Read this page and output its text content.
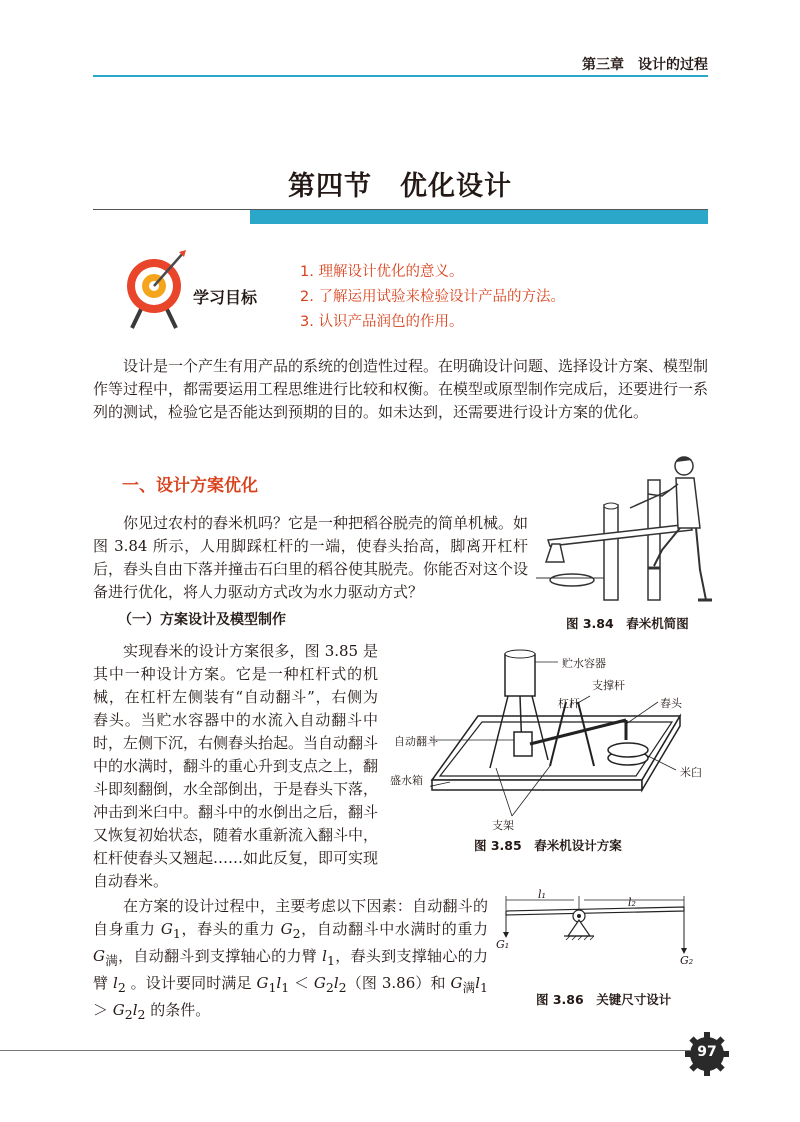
第三章　设计的过程
第四节　优化设计
学习目标
1. 理解设计优化的意义。
2. 了解运用试验来检验设计产品的方法。
3. 认识产品润色的作用。
设计是一个产生有用产品的系统的创造性过程。在明确设计问题、选择设计方案、模型制作等过程中，都需要运用工程思维进行比较和权衡。在模型或原型制作完成后，还要进行一系列的测试，检验它是否能达到预期的目的。如未达到，还需要进行设计方案的优化。
一、设计方案优化
你见过农村的舂米机吗？它是一种把稻谷脱壳的简单机械。如图 3.84 所示，人用脚踩杠杆的一端，使舂头抬高，脚离开杠杆后，舂头自由下落并撞击石臼里的稻谷使其脱壳。你能否对这个设备进行优化，将人力驱动方式改为水力驱动方式？
图 3.84　舂米机简图
（一）方案设计及模型制作
实现舂米的设计方案很多，图 3.85 是其中一种设计方案。它是一种杠杆式的机械，在杠杆左侧装有“自动翻斗”，右侧为舂头。当贮水容器中的水流入自动翻斗中时，左侧下沉，右侧舂头抬起。当自动翻斗中的水满时，翻斗的重心升到支点之上，翻斗即刻翻倒，水全部倒出，于是舂头下落，冲击到米臼中。翻斗中的水倒出之后，翻斗又恢复初始状态，随着水重新流入翻斗中，杠杆使舂头又翘起……如此反复，即可实现自动舂米。
贮水容器
支撑杆
杠杆	舂头
自动翻斗
米臼
盛水箱
支架
图 3.85　舂米机设计方案
在方案的设计过程中，主要考虑以下因素：自动翻斗的自身重力 $G_1$，舂头的重力 $G_2$，自动翻斗中水满时的重力 $G_满$，自动翻斗到支撑轴心的力臂 $l_1$，舂头到支撑轴心的力臂 $l_2$ 。设计要同时满足 $G_1l_1 < G_2l_2$（图 3.86）和 $G_满l_1 > G_2l_2$ 的条件。
l₁
l₂
G₁
G₂
图 3.86　关键尺寸设计
97
